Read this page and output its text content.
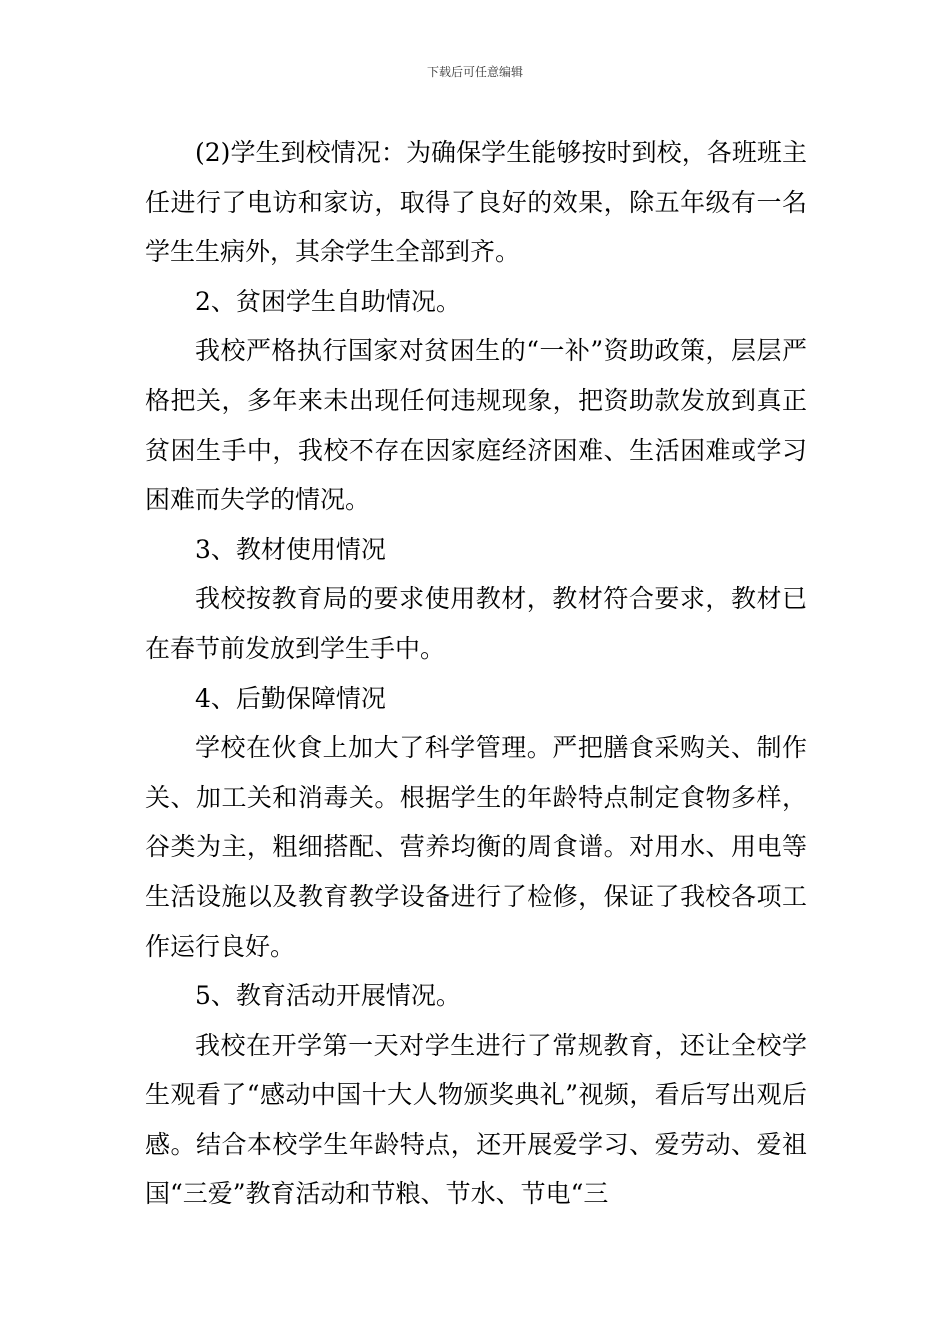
下载后可任意编辑

(2)学生到校情况：为确保学生能够按时到校，各班班主任进行了电访和家访，取得了良好的效果，除五年级有一名学生生病外，其余学生全部到齐。

2、贫困学生自助情况。

我校严格执行国家对贫困生的“一补”资助政策，层层严格把关，多年来未出现任何违规现象，把资助款发放到真正贫困生手中，我校不存在因家庭经济困难、生活困难或学习困难而失学的情况。

3、教材使用情况

我校按教育局的要求使用教材，教材符合要求，教材已在春节前发放到学生手中。

4、后勤保障情况

学校在伙食上加大了科学管理。严把膳食采购关、制作关、加工关和消毒关。根据学生的年龄特点制定食物多样，谷类为主，粗细搭配、营养均衡的周食谱。对用水、用电等生活设施以及教育教学设备进行了检修，保证了我校各项工作运行良好。

5、教育活动开展情况。

我校在开学第一天对学生进行了常规教育，还让全校学生观看了“感动中国十大人物颁奖典礼”视频，看后写出观后感。结合本校学生年龄特点，还开展爱学习、爱劳动、爱祖国“三爱”教育活动和节粮、节水、节电“三
